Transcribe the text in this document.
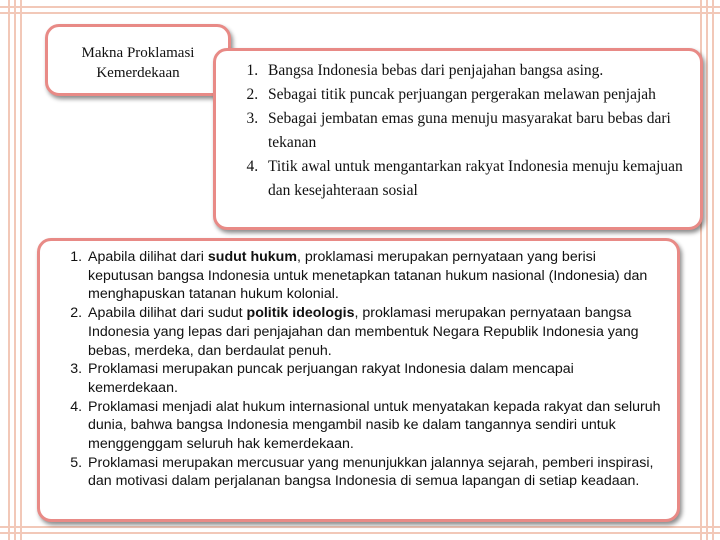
Makna Proklamasi
Kemerdekaan
1.	Bangsa Indonesia bebas dari penjajahan bangsa asing.
2. Sebagai titik puncak perjuangan pergerakan melawan penjajah
3. Sebagai jembatan emas guna menuju masyarakat baru bebas dari tekanan
4. Titik awal untuk mengantarkan rakyat Indonesia menuju kemajuan dan kesejahteraan sosial
1. Apabila dilihat dari sudut hukum, proklamasi merupakan pernyataan yang berisi keputusan bangsa Indonesia untuk menetapkan tatanan hukum nasional (Indonesia) dan menghapuskan tatanan hukum kolonial.
2. Apabila dilihat dari sudut politik ideologis, proklamasi merupakan pernyataan bangsa Indonesia yang lepas dari penjajahan dan membentuk Negara Republik Indonesia yang bebas, merdeka, dan berdaulat penuh.
3. Proklamasi merupakan puncak perjuangan rakyat Indonesia dalam mencapai kemerdekaan.
4. Proklamasi menjadi alat hukum internasional untuk menyatakan kepada rakyat dan seluruh dunia, bahwa bangsa Indonesia mengambil nasib ke dalam tangannya sendiri untuk menggenggam seluruh hak kemerdekaan.
5. Proklamasi merupakan mercusuar yang menunjukkan jalannya sejarah, pemberi inspirasi, dan motivasi dalam perjalanan bangsa Indonesia di semua lapangan di setiap keadaan.
